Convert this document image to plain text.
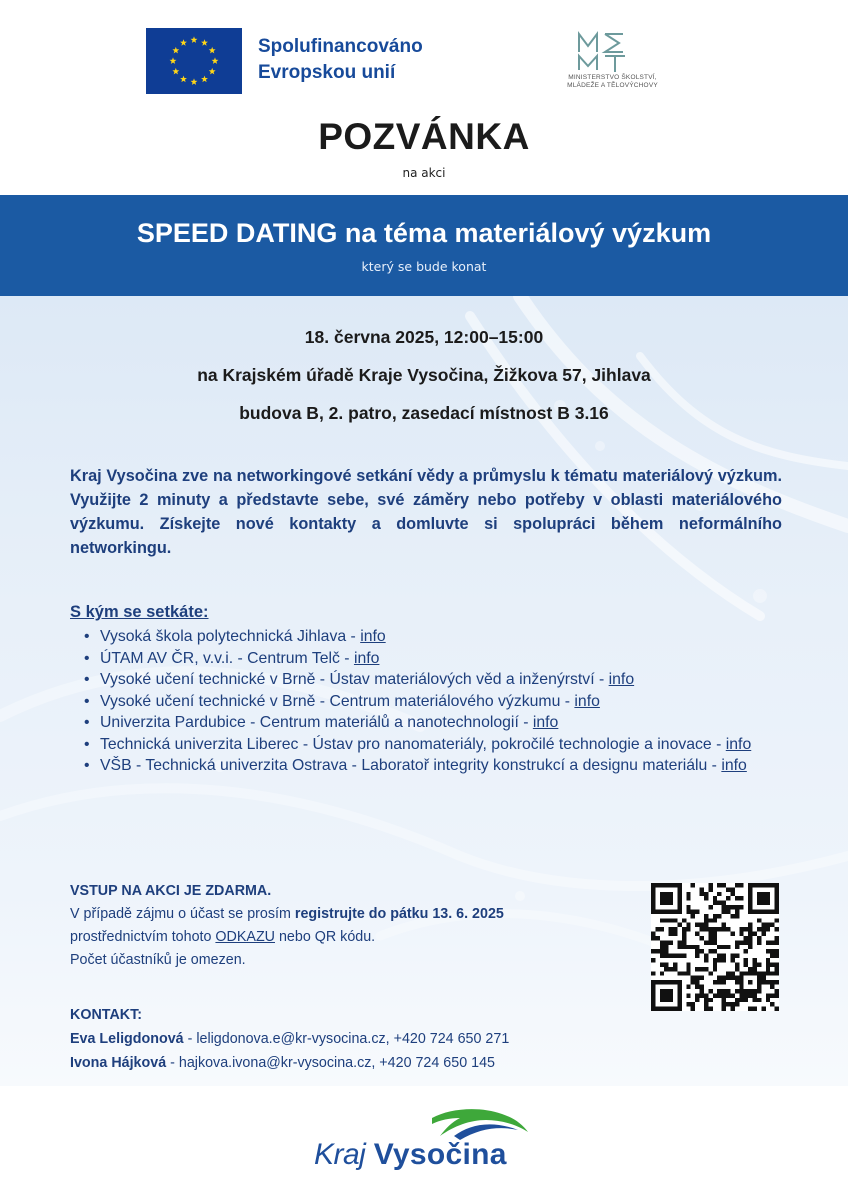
Spolufinancováno
Evropskou unií	MINISTERSTVO ŠKOLSTVÍ,
MLÁDEŽE A TĚLOVÝCHOVY
POZVÁNKA
na akci
SPEED DATING na téma materiálový výzkum
který se bude konat
18. června 2025, 12:00–15:00
na Krajském úřadě Kraje Vysočina, Žižkova 57, Jihlava
budova B, 2. patro, zasedací místnost B 3.16
Kraj Vysočina zve na networkingové setkání vědy a průmyslu k tématu materiálový výzkum. Využijte 2 minuty a představte sebe, své záměry nebo potřeby v oblasti materiálového výzkumu. Získejte nové kontakty a domluvte si spolupráci během neformálního networkingu.
S kým se setkáte:
• Vysoká škola polytechnická Jihlava - info
• ÚTAM AV ČR, v.v.i. - Centrum Telč - info
• Vysoké učení technické v Brně - Ústav materiálových věd a inženýrství - info
• Vysoké učení technické v Brně - Centrum materiálového výzkumu - info
• Univerzita Pardubice - Centrum materiálů a nanotechnologií - info
• Technická univerzita Liberec - Ústav pro nanomateriály, pokročilé technologie a inovace - info
• VŠB - Technická univerzita Ostrava - Laboratoř integrity konstrukcí a designu materiálu - info
VSTUP NA AKCI JE ZDARMA.
V případě zájmu o účast se prosím registrujte do pátku 13. 6. 2025
prostřednictvím tohoto ODKAZU nebo QR kódu.
Počet účastníků je omezen.
KONTAKT:
Eva Leligdonová - leligdonova.e@kr-vysocina.cz, +420 724 650 271
Ivona Hájková - hajkova.ivona@kr-vysocina.cz, +420 724 650 145
Kraj Vysočina
